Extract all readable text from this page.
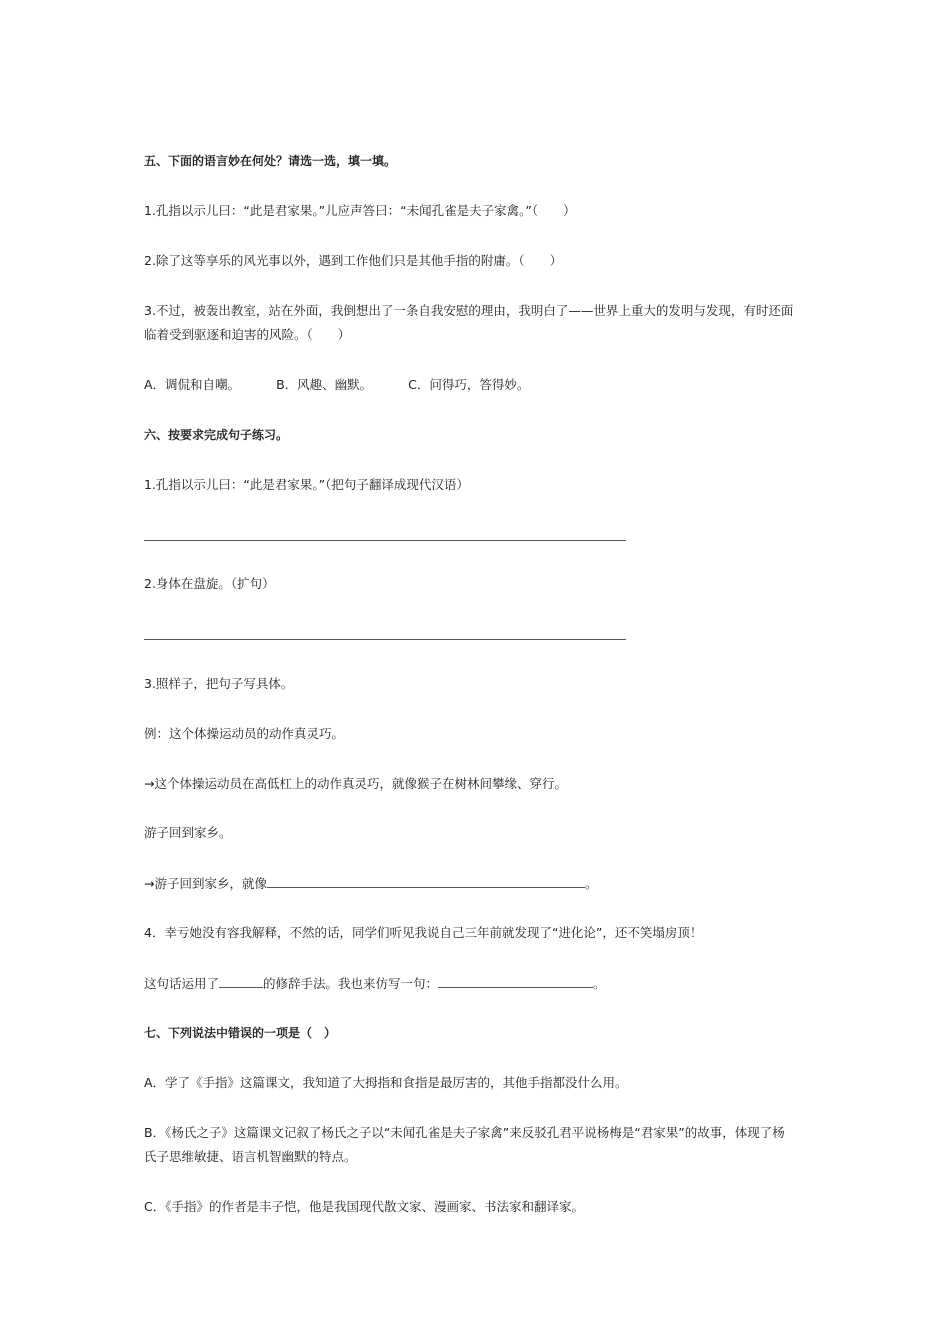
五、下面的语言妙在何处？请选一选，填一填。
1.孔指以示儿曰：“此是君家果。”儿应声答曰：“未闻孔雀是夫子家禽。”（　　）
2.除了这等享乐的风光事以外，遇到工作他们只是其他手指的附庸。（　　）
3.不过，被轰出教室，站在外面，我倒想出了一条自我安慰的理由，我明白了——世界上重大的发明与发现，有时还面
临着受到驱逐和迫害的风险。（　　）
A．调侃和自嘲。	B．风趣、幽默。	C．问得巧，答得妙。
六、按要求完成句子练习。
1.孔指以示儿曰：“此是君家果。”（把句子翻译成现代汉语）
2.身体在盘旋。（扩句）
3.照样子，把句子写具体。
例：这个体操运动员的动作真灵巧。
→这个体操运动员在高低杠上的动作真灵巧，就像猴子在树林间攀缘、穿行。
游子回到家乡。
→游子回到家乡，就像	。
4．幸亏她没有容我解释，不然的话，同学们听见我说自己三年前就发现了“进化论”，还不笑塌房顶！
这句话运用了	的修辞手法。我也来仿写一句：	。
七、下列说法中错误的一项是（　）
A．学了《手指》这篇课文，我知道了大拇指和食指是最厉害的，其他手指都没什么用。
B．《杨氏之子》这篇课文记叙了杨氏之子以“未闻孔雀是夫子家禽”来反驳孔君平说杨梅是“君家果”的故事，体现了杨
氏子思维敏捷、语言机智幽默的特点。
C．《手指》的作者是丰子恺，他是我国现代散文家、漫画家、书法家和翻译家。
